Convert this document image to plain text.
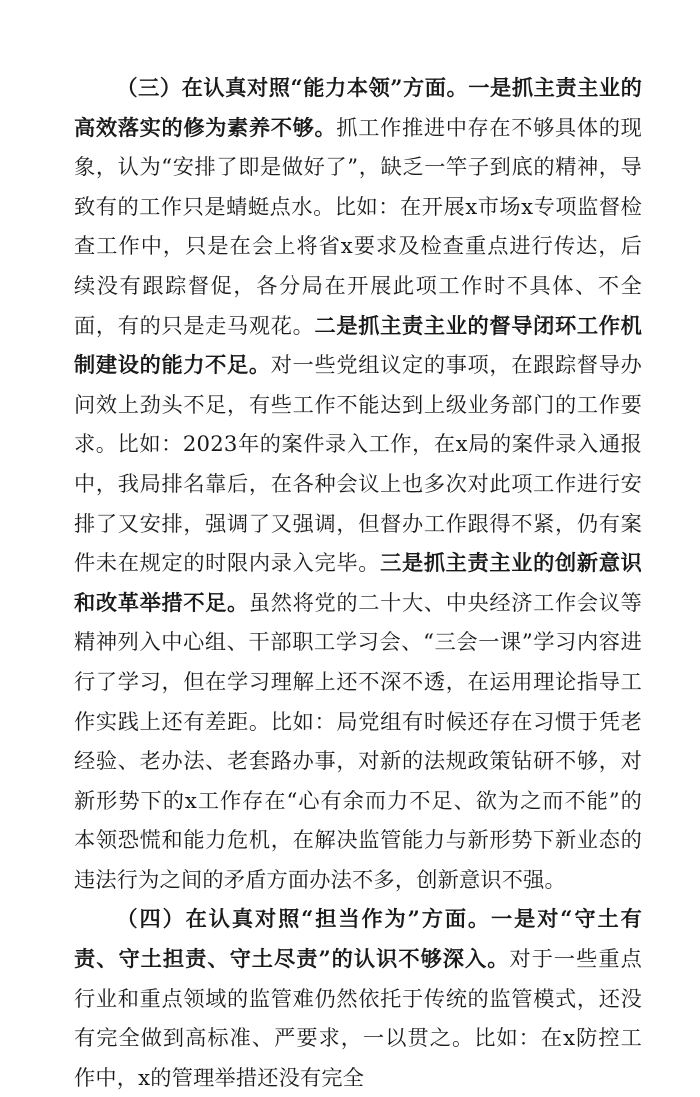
（三）在认真对照“能力本领”方面。一是抓主责主业的高效落实的修为素养不够。抓工作推进中存在不够具体的现象，认为“安排了即是做好了”，缺乏一竿子到底的精神，导致有的工作只是蜻蜓点水。比如：在开展x市场x专项监督检查工作中，只是在会上将省x要求及检查重点进行传达，后续没有跟踪督促，各分局在开展此项工作时不具体、不全面，有的只是走马观花。二是抓主责主业的督导闭环工作机制建设的能力不足。对一些党组议定的事项，在跟踪督导办问效上劲头不足，有些工作不能达到上级业务部门的工作要求。比如：2023年的案件录入工作，在x局的案件录入通报中，我局排名靠后，在各种会议上也多次对此项工作进行安排了又安排，强调了又强调，但督办工作跟得不紧，仍有案件未在规定的时限内录入完毕。三是抓主责主业的创新意识和改革举措不足。虽然将党的二十大、中央经济工作会议等精神列入中心组、干部职工学习会、“三会一课”学习内容进行了学习，但在学习理解上还不深不透，在运用理论指导工作实践上还有差距。比如：局党组有时候还存在习惯于凭老经验、老办法、老套路办事，对新的法规政策钻研不够，对新形势下的x工作存在“心有余而力不足、欲为之而不能”的本领恐慌和能力危机，在解决监管能力与新形势下新业态的违法行为之间的矛盾方面办法不多，创新意识不强。

（四）在认真对照“担当作为”方面。一是对“守土有责、守土担责、守土尽责”的认识不够深入。对于一些重点行业和重点领域的监管难仍然依托于传统的监管模式，还没有完全做到高标准、严要求，一以贯之。比如：在x防控工作中，x的管理举措还没有完全
